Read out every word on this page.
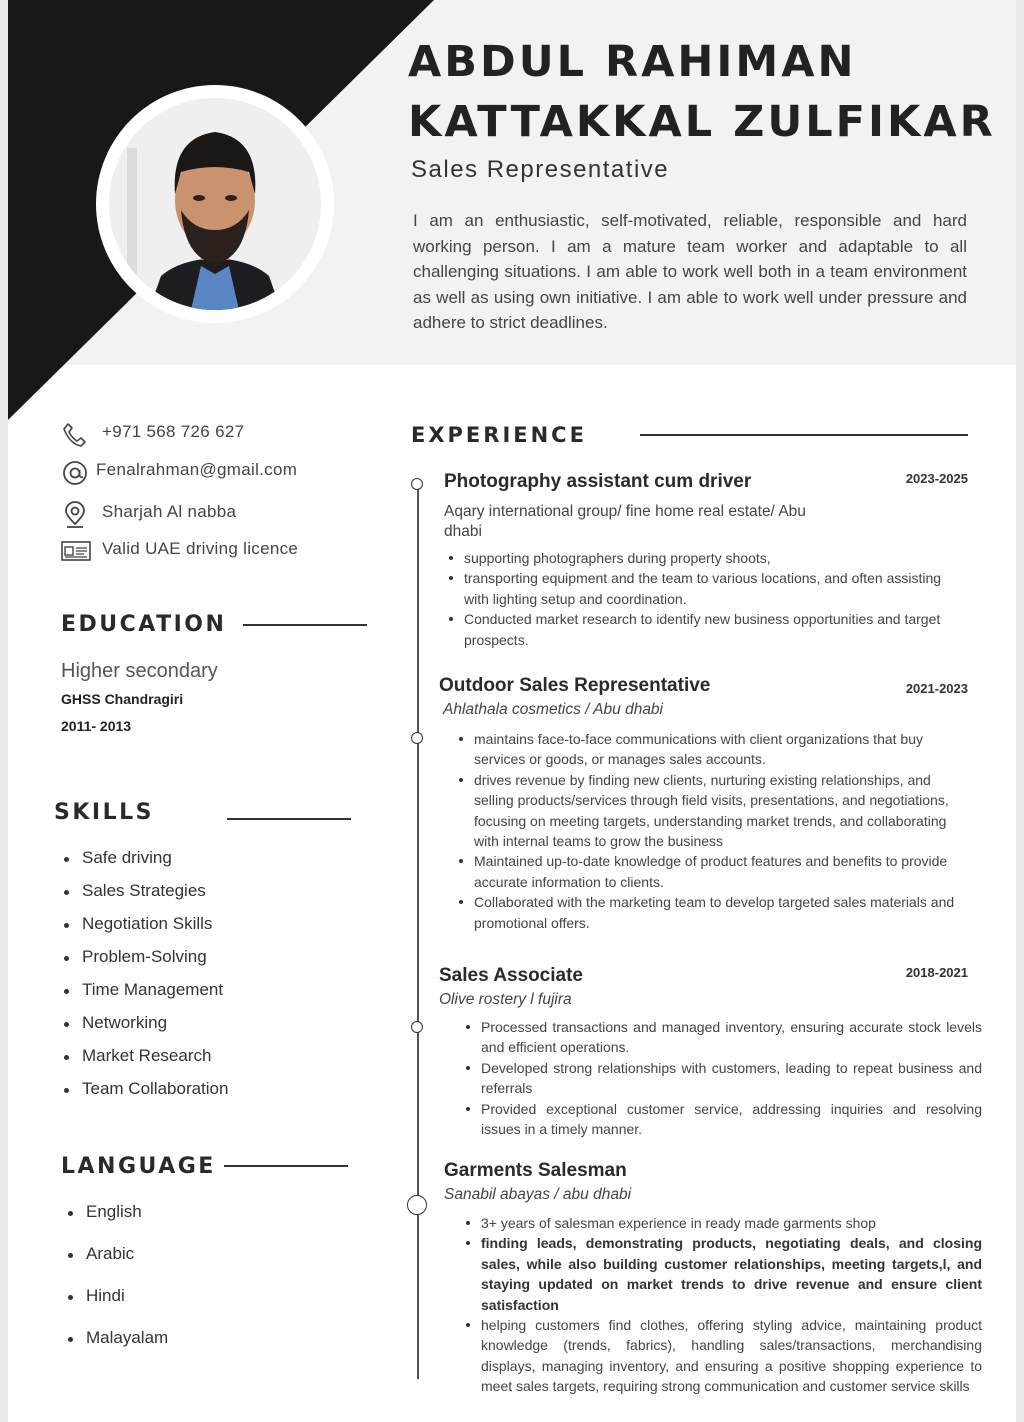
ABDUL RAHIMAN
KATTAKKAL ZULFIKAR
Sales Representative

I am an enthusiastic, self-motivated, reliable, responsible and hard working person. I am a mature team worker and adaptable to all challenging situations. I am able to work well both in a team environment as well as using own initiative. I am able to work well under pressure and adhere to strict deadlines.

+971 568 726 627
Fenalrahman@gmail.com
Sharjah Al nabba
Valid UAE driving licence
EDUCATION
Higher secondary
GHSS Chandragiri
2011- 2013
SKILLS
Safe driving
Sales Strategies
Negotiation Skills
Problem-Solving
Time Management
Networking
Market Research
Team Collaboration
LANGUAGE
English
Arabic
Hindi
Malayalam
EXPERIENCE
Photography assistant cum driver	2023-2025
Aqary international group/ fine home real estate/ Abu dhabi
supporting photographers during property shoots,
transporting equipment and the team to various locations, and often assisting with lighting setup and coordination.
Conducted market research to identify new business opportunities and target prospects.
Outdoor Sales Representative	2021-2023
Ahlathala cosmetics / Abu dhabi
maintains face-to-face communications with client organizations that buy services or goods, or manages sales accounts.
drives revenue by finding new clients, nurturing existing relationships, and selling products/services through field visits, presentations, and negotiations, focusing on meeting targets, understanding market trends, and collaborating with internal teams to grow the business
Maintained up-to-date knowledge of product features and benefits to provide accurate information to clients.
Collaborated with the marketing team to develop targeted sales materials and promotional offers.
Sales Associate	2018-2021
Olive rostery l fujira
Processed transactions and managed inventory, ensuring accurate stock levels and efficient operations.
Developed strong relationships with customers, leading to repeat business and referrals
Provided exceptional customer service, addressing inquiries and resolving issues in a timely manner.
Garments Salesman
Sanabil abayas / abu dhabi
3+ years of salesman experience in ready made garments shop
finding leads, demonstrating products, negotiating deals, and closing sales, while also building customer relationships, meeting targets,l, and staying updated on market trends to drive revenue and ensure client satisfaction
helping customers find clothes, offering styling advice, maintaining product knowledge (trends, fabrics), handling sales/transactions, merchandising displays, managing inventory, and ensuring a positive shopping experience to meet sales targets, requiring strong communication and customer service skills
